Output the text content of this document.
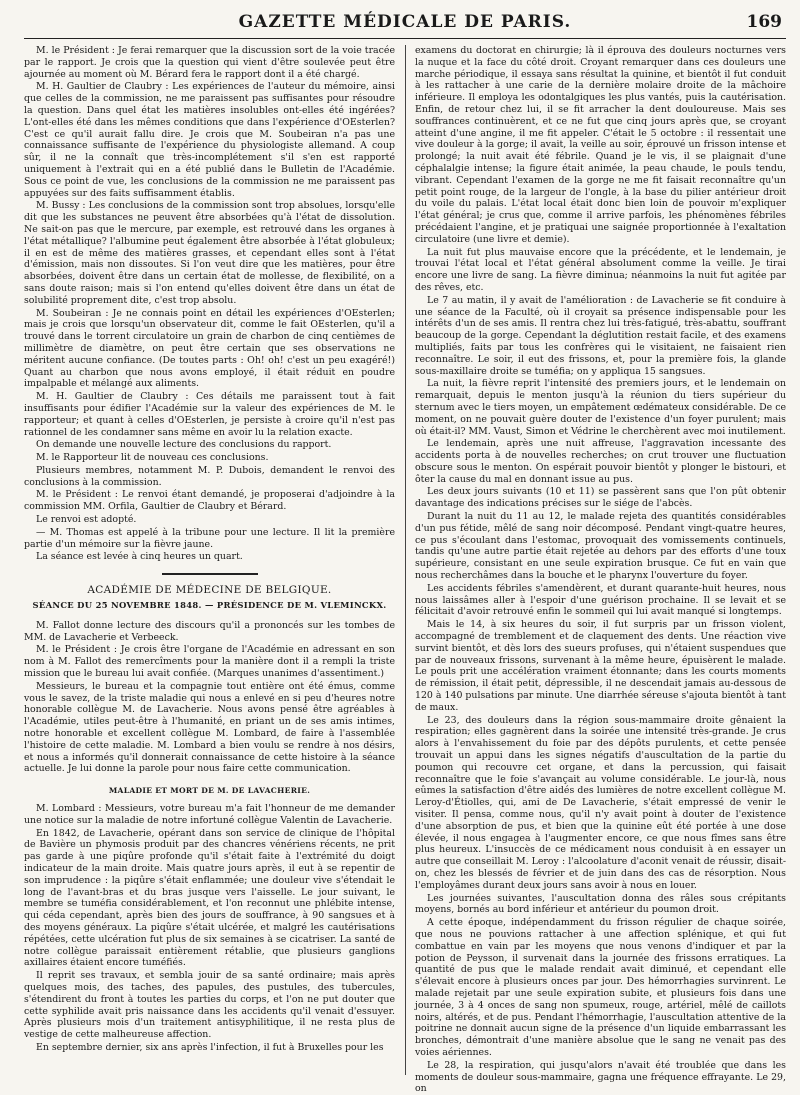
GAZETTE MÉDICALE DE PARIS.	169

M. le Président : Je ferai remarquer que la discussion sort de la voie tracée par le rapport. Je crois que la question qui vient d'être soulevée peut être ajournée au moment où M. Bérard fera le rapport dont il a été chargé.

M. H. Gaultier de Claubry : Les expériences de l'auteur du mémoire, ainsi que celles de la commission, ne me paraissent pas suffisantes pour résoudre la question. Dans quel état les matières insolubles ont-elles été ingérées? L'ont-elles été dans les mêmes conditions que dans l'expérience d'OEsterlen? C'est ce qu'il aurait fallu dire. Je crois que M. Soubeiran n'a pas une connaissance suffisante de l'expérience du physiologiste allemand. A coup sûr, il ne la connaît que très-incomplétement s'il s'en est rapporté uniquement à l'extrait qui en a été publié dans le Bulletin de l'Académie. Sous ce point de vue, les conclusions de la commission ne me paraissent pas appuyées sur des faits suffisamment établis.

M. Bussy : Les conclusions de la commission sont trop absolues, lorsqu'elle dit que les substances ne peuvent être absorbées qu'à l'état de dissolution. Ne sait-on pas que le mercure, par exemple, est retrouvé dans les organes à l'état métallique? l'albumine peut également être absorbée à l'état globuleux; il en est de même des matières grasses, et cependant elles sont à l'état d'émission, mais non dissoutes. Si l'on veut dire que les matières, pour être absorbées, doivent être dans un certain état de mollesse, de flexibilité, on a sans doute raison; mais si l'on entend qu'elles doivent être dans un état de solubilité proprement dite, c'est trop absolu.

M. Soubeiran : Je ne connais point en détail les expériences d'OEsterlen; mais je crois que lorsqu'un observateur dit, comme le fait OEsterlen, qu'il a trouvé dans le torrent circulatoire un grain de charbon de cinq centièmes de millimètre de diamètre, on peut être certain que ses observations ne méritent aucune confiance. (De toutes parts : Oh! oh! c'est un peu exagéré!) Quant au charbon que nous avons employé, il était réduit en poudre impalpable et mélangé aux aliments.

M. H. Gaultier de Claubry : Ces détails me paraissent tout à fait insuffisants pour édifier l'Académie sur la valeur des expériences de M. le rapporteur; et quant à celles d'OEsterlen, je persiste à croire qu'il n'est pas rationnel de les condamner sans même en avoir lu la relation exacte.

On demande une nouvelle lecture des conclusions du rapport.

M. le Rapporteur lit de nouveau ces conclusions.

Plusieurs membres, notamment M. P. Dubois, demandent le renvoi des conclusions à la commission.

M. le Président : Le renvoi étant demandé, je proposerai d'adjoindre à la commission MM. Orfila, Gaultier de Claubry et Bérard.

Le renvoi est adopté.

— M. Thomas est appelé à la tribune pour une lecture. Il lit la première partie d'un mémoire sur la fièvre jaune.

La séance est levée à cinq heures un quart.

ACADÉMIE DE MÉDECINE DE BELGIQUE.
SÉANCE DU 25 NOVEMBRE 1848. — PRÉSIDENCE DE M. VLEMINCKX.

M. Fallot donne lecture des discours qu'il a prononcés sur les tombes de MM. de Lavacherie et Verbeeck.

M. le Président : Je crois être l'organe de l'Académie en adressant en son nom à M. Fallot des remercîments pour la manière dont il a rempli la triste mission que le bureau lui avait confiée. (Marques unanimes d'assentiment.)

Messieurs, le bureau et la compagnie tout entière ont été émus, comme vous le savez, de la triste maladie qui nous a enlevé en si peu d'heures notre honorable collègue M. de Lavacherie. Nous avons pensé être agréables à l'Académie, utiles peut-être à l'humanité, en priant un de ses amis intimes, notre honorable et excellent collègue M. Lombard, de faire à l'assemblée l'histoire de cette maladie. M. Lombard a bien voulu se rendre à nos désirs, et nous a informés qu'il donnerait connaissance de cette histoire à la séance actuelle. Je lui donne la parole pour nous faire cette communication.

MALADIE ET MORT DE M. DE LAVACHERIE.

M. Lombard : Messieurs, votre bureau m'a fait l'honneur de me demander une notice sur la maladie de notre infortuné collègue Valentin de Lavacherie.

En 1842, de Lavacherie, opérant dans son service de clinique de l'hôpital de Bavière un phymosis produit par des chancres vénériens récents, ne prit pas garde à une piqûre profonde qu'il s'était faite à l'extrémité du doigt indicateur de la main droite. Mais quatre jours après, il eut à se repentir de son imprudence : la piqûre s'était enflammée; une douleur vive s'étendait le long de l'avant-bras et du bras jusque vers l'aisselle. Le jour suivant, le membre se tuméfia considérablement, et l'on reconnut une phlébite intense, qui céda cependant, après bien des jours de souffrance, à 90 sangsues et à des moyens généraux. La piqûre s'était ulcérée, et malgré les cautérisations répétées, cette ulcération fut plus de six semaines à se cicatriser. La santé de notre collègue paraissait entièrement rétablie, que plusieurs ganglions axillaires étaient encore tuméfiés.

Il reprit ses travaux, et sembla jouir de sa santé ordinaire; mais après quelques mois, des taches, des papules, des pustules, des tubercules, s'étendirent du front à toutes les parties du corps, et l'on ne put douter que cette syphilide avait pris naissance dans les accidents qu'il venait d'essuyer. Après plusieurs mois d'un traitement antisyphilitique, il ne resta plus de vestige de cette malheureuse affection.

En septembre dernier, six ans après l'infection, il fut à Bruxelles pour les

examens du doctorat en chirurgie; là il éprouva des douleurs nocturnes vers la nuque et la face du côté droit. Croyant remarquer dans ces douleurs une marche périodique, il essaya sans résultat la quinine, et bientôt il fut conduit à les rattacher à une carie de la dernière molaire droite de la mâchoire inférieure. Il employa les odontalgiques les plus vantés, puis la cautérisation. Enfin, de retour chez lui, il se fit arracher la dent douloureuse. Mais ses souffrances continuèrent, et ce ne fut que cinq jours après que, se croyant atteint d'une angine, il me fit appeler. C'était le 5 octobre : il ressentait une vive douleur à la gorge; il avait, la veille au soir, éprouvé un frisson intense et prolongé; la nuit avait été fébrile. Quand je le vis, il se plaignait d'une céphalalgie intense; la figure était animée, la peau chaude, le pouls tendu, vibrant. Cependant l'examen de la gorge ne me fit faisait reconnaître qu'un petit point rouge, de la largeur de l'ongle, à la base du pilier antérieur droit du voile du palais. L'état local était donc bien loin de pouvoir m'expliquer l'état général; je crus que, comme il arrive parfois, les phénomènes fébriles précédaient l'angine, et je pratiquai une saignée proportionnée à l'exaltation circulatoire (une livre et demie).

La nuit fut plus mauvaise encore que la précédente, et le lendemain, je trouvai l'état local et l'état général absolument comme la veille. Je tirai encore une livre de sang. La fièvre diminua; néanmoins la nuit fut agitée par des rêves, etc.

Le 7 au matin, il y avait de l'amélioration : de Lavacherie se fit conduire à une séance de la Faculté, où il croyait sa présence indispensable pour les intérêts d'un de ses amis. Il rentra chez lui très-fatigué, très-abattu, souffrant beaucoup de la gorge. Cependant la déglutition restait facile, et des examens multipliés, faits par tous les confrères qui le visitaient, ne faisaient rien reconnaître. Le soir, il eut des frissons, et, pour la première fois, la glande sous-maxillaire droite se tuméfia; on y appliqua 15 sangsues.

La nuit, la fièvre reprit l'intensité des premiers jours, et le lendemain on remarquait, depuis le menton jusqu'à la réunion du tiers supérieur du sternum avec le tiers moyen, un empâtement œdémateux considérable. De ce moment, on ne pouvait guère douter de l'existence d'un foyer purulent; mais où était-il? MM. Vaust, Simon et Védrine le cherchèrent avec moi inutilement.

Le lendemain, après une nuit affreuse, l'aggravation incessante des accidents porta à de nouvelles recherches; on crut trouver une fluctuation obscure sous le menton. On espérait pouvoir bientôt y plonger le bistouri, et ôter la cause du mal en donnant issue au pus.

Les deux jours suivants (10 et 11) se passèrent sans que l'on pût obtenir davantage des indications précises sur le siége de l'abcès.

Durant la nuit du 11 au 12, le malade rejeta des quantités considérables d'un pus fétide, mêlé de sang noir décomposé. Pendant vingt-quatre heures, ce pus s'écoulant dans l'estomac, provoquait des vomissements continuels, tandis qu'une autre partie était rejetée au dehors par des efforts d'une toux supérieure, consistant en une seule expiration brusque. Ce fut en vain que nous recherchâmes dans la bouche et le pharynx l'ouverture du foyer.

Les accidents fébriles s'amendèrent, et durant quarante-huit heures, nous nous laissâmes aller à l'espoir d'une guérison prochaine. Il se levait et se félicitait d'avoir retrouvé enfin le sommeil qui lui avait manqué si longtemps.

Mais le 14, à six heures du soir, il fut surpris par un frisson violent, accompagné de tremblement et de claquement des dents. Une réaction vive survint bientôt, et dès lors des sueurs profuses, qui n'étaient suspendues que par de nouveaux frissons, survenant à la même heure, épuisèrent le malade. Le pouls prit une accélération vraiment étonnante; dans les courts moments de rémission, il était petit, dépressible, il ne descendait jamais au-dessous de 120 à 140 pulsations par minute. Une diarrhée séreuse s'ajouta bientôt à tant de maux.

Le 23, des douleurs dans la région sous-mammaire droite gênaient la respiration; elles gagnèrent dans la soirée une intensité très-grande. Je crus alors à l'envahissement du foie par des dépôts purulents, et cette pensée trouvait un appui dans les signes négatifs d'auscultation de la partie du poumon qui recouvre cet organe, et dans la percussion, qui faisait reconnaître que le foie s'avançait au volume considérable. Le jour-là, nous eûmes la satisfaction d'être aidés des lumières de notre excellent collègue M. Leroy-d'Étiolles, qui, ami de De Lavacherie, s'était empressé de venir le visiter. Il pensa, comme nous, qu'il n'y avait point à douter de l'existence d'une absorption de pus, et bien que la quinine eût été portée à une dose élevée, il nous engagea à l'augmenter encore, ce que nous fîmes sans être plus heureux. L'insuccès de ce médicament nous conduisit à en essayer un autre que conseillait M. Leroy : l'alcoolature d'aconit venait de réussir, disait-on, chez les blessés de février et de juin dans des cas de résorption. Nous l'employâmes durant deux jours sans avoir à nous en louer.

Les journées suivantes, l'auscultation donna des râles sous crépitants moyens, bornés au bord inférieur et antérieur du poumon droit.

A cette époque, indépendamment du frisson régulier de chaque soirée, que nous ne pouvions rattacher à une affection splénique, et qui fut combattue en vain par les moyens que nous venons d'indiquer et par la potion de Peysson, il survenait dans la journée des frissons erratiques. La quantité de pus que le malade rendait avait diminué, et cependant elle s'élevait encore à plusieurs onces par jour. Des hémorrhagies survinrent. Le malade rejetait par une seule expiration subite, et plusieurs fois dans une journée, 3 à 4 onces de sang non spumeux, rouge, artériel, mêlé de caillots noirs, altérés, et de pus. Pendant l'hémorrhagie, l'auscultation attentive de la poitrine ne donnait aucun signe de la présence d'un liquide embarrassant les bronches, démontrait d'une manière absolue que le sang ne venait pas des voies aériennes.

Le 28, la respiration, qui jusqu'alors n'avait été troublée que dans les moments de douleur sous-mammaire, gagna une fréquence effrayante. Le 29, on
